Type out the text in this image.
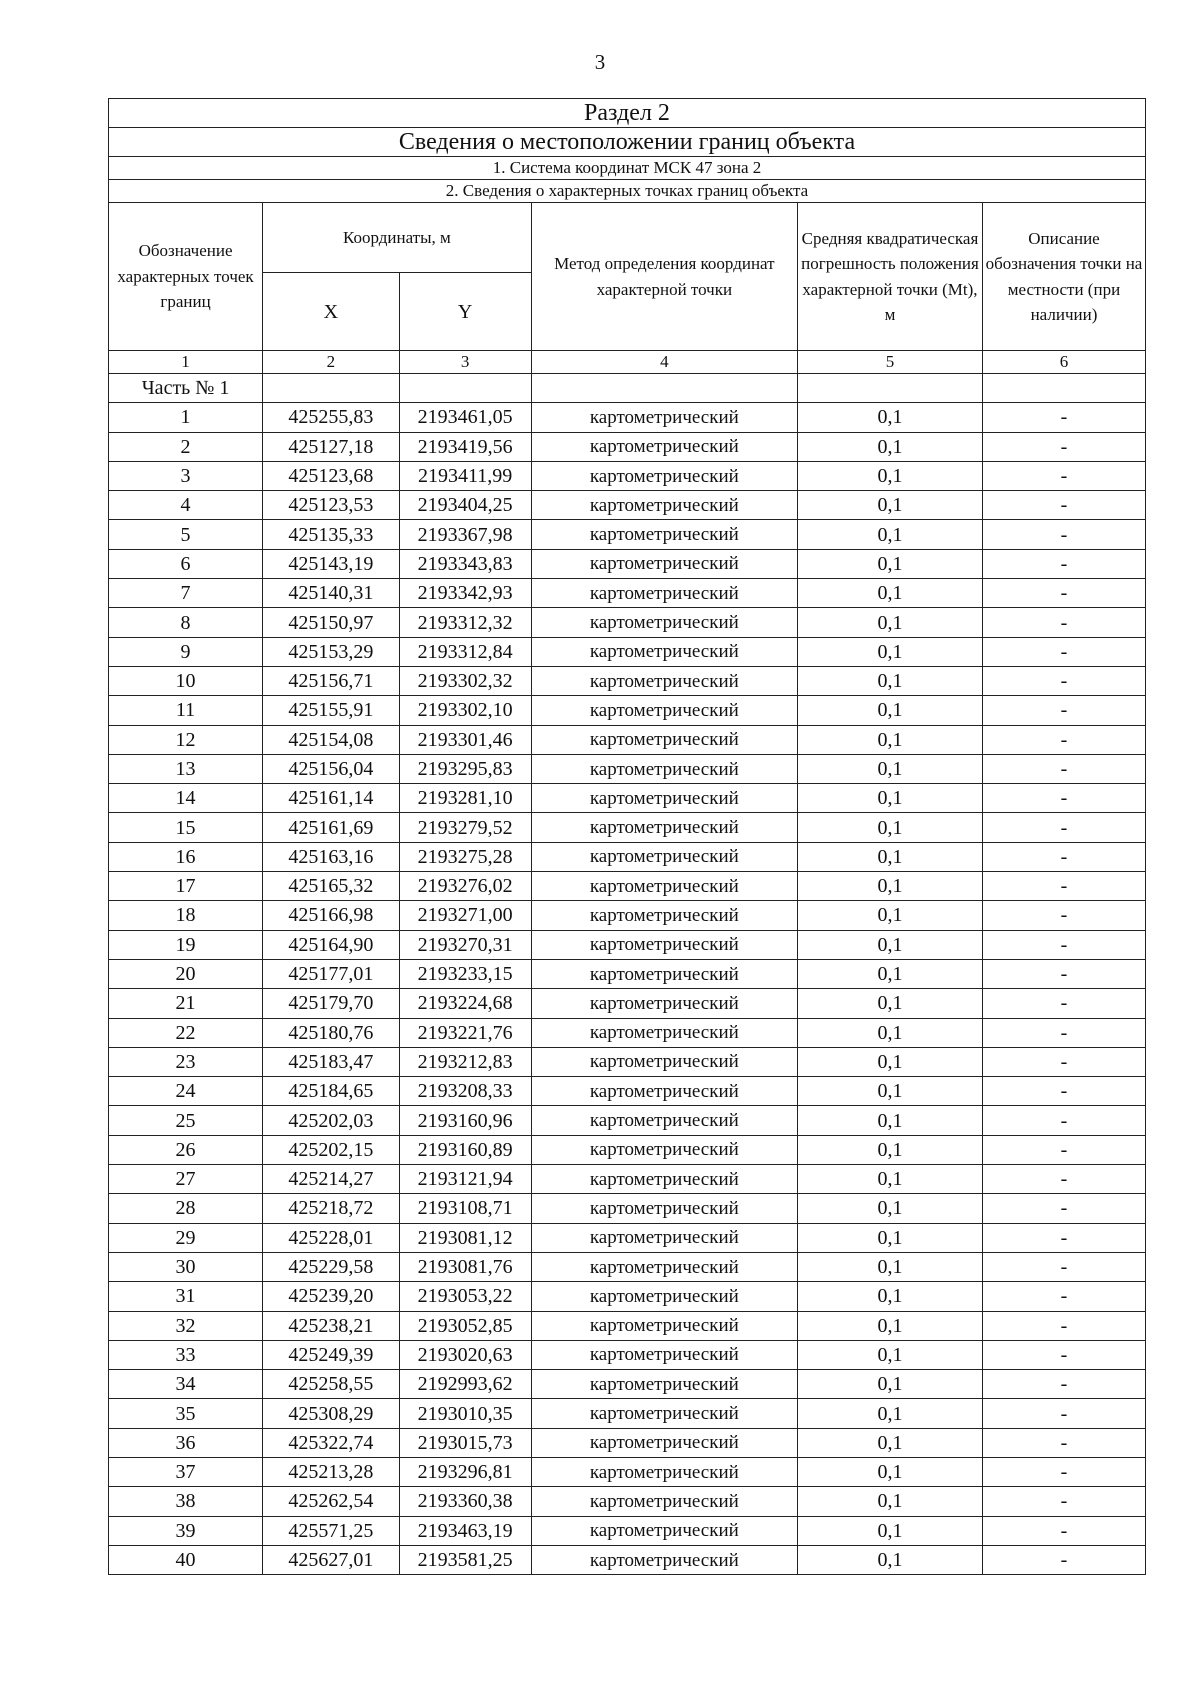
3
Раздел 2					
Сведения о местоположении границ объекта					
1. Система координат МСК 47 зона 2					
2. Сведения о характерных точках границ объекта					
Обозначение характерных точек границ	Координаты, м		Метод определения координат характерной точки	Средняя квадратическая погрешность положения характерной точки (Mt), м	Описание обозначения точки на местности (при наличии)
	X	Y			
1	2	3	4	5	6
Часть № 1					
1	425255,83	2193461,05	картометрический	0,1	-
2	425127,18	2193419,56	картометрический	0,1	-
3	425123,68	2193411,99	картометрический	0,1	-
4	425123,53	2193404,25	картометрический	0,1	-
5	425135,33	2193367,98	картометрический	0,1	-
6	425143,19	2193343,83	картометрический	0,1	-
7	425140,31	2193342,93	картометрический	0,1	-
8	425150,97	2193312,32	картометрический	0,1	-
9	425153,29	2193312,84	картометрический	0,1	-
10	425156,71	2193302,32	картометрический	0,1	-
11	425155,91	2193302,10	картометрический	0,1	-
12	425154,08	2193301,46	картометрический	0,1	-
13	425156,04	2193295,83	картометрический	0,1	-
14	425161,14	2193281,10	картометрический	0,1	-
15	425161,69	2193279,52	картометрический	0,1	-
16	425163,16	2193275,28	картометрический	0,1	-
17	425165,32	2193276,02	картометрический	0,1	-
18	425166,98	2193271,00	картометрический	0,1	-
19	425164,90	2193270,31	картометрический	0,1	-
20	425177,01	2193233,15	картометрический	0,1	-
21	425179,70	2193224,68	картометрический	0,1	-
22	425180,76	2193221,76	картометрический	0,1	-
23	425183,47	2193212,83	картометрический	0,1	-
24	425184,65	2193208,33	картометрический	0,1	-
25	425202,03	2193160,96	картометрический	0,1	-
26	425202,15	2193160,89	картометрический	0,1	-
27	425214,27	2193121,94	картометрический	0,1	-
28	425218,72	2193108,71	картометрический	0,1	-
29	425228,01	2193081,12	картометрический	0,1	-
30	425229,58	2193081,76	картометрический	0,1	-
31	425239,20	2193053,22	картометрический	0,1	-
32	425238,21	2193052,85	картометрический	0,1	-
33	425249,39	2193020,63	картометрический	0,1	-
34	425258,55	2192993,62	картометрический	0,1	-
35	425308,29	2193010,35	картометрический	0,1	-
36	425322,74	2193015,73	картометрический	0,1	-
37	425213,28	2193296,81	картометрический	0,1	-
38	425262,54	2193360,38	картометрический	0,1	-
39	425571,25	2193463,19	картометрический	0,1	-
40	425627,01	2193581,25	картометрический	0,1	-
